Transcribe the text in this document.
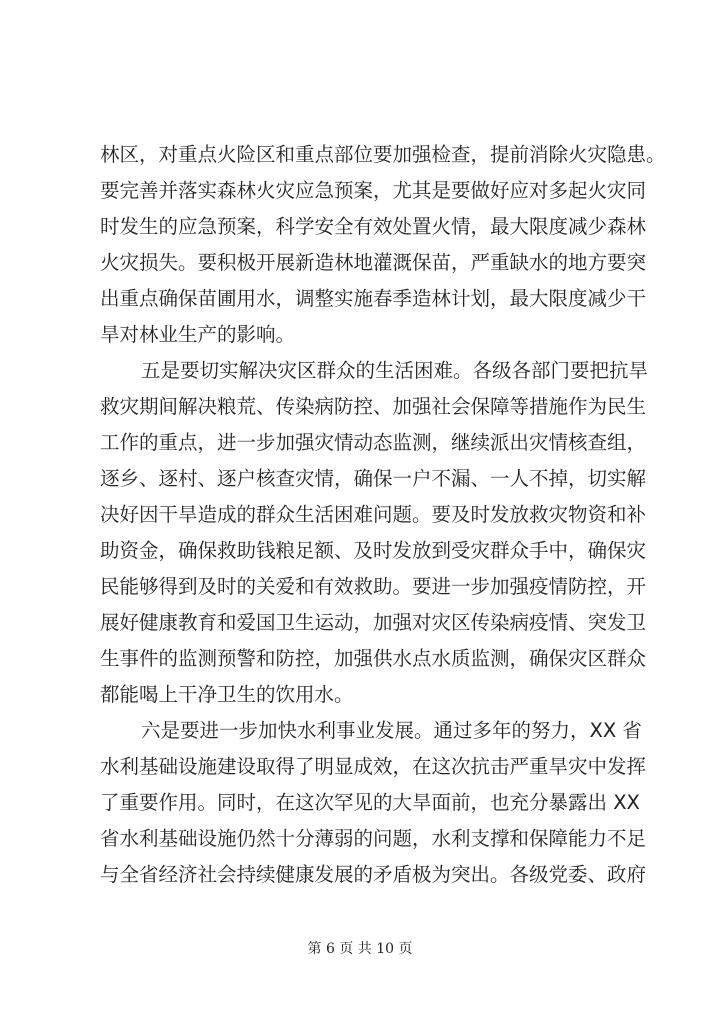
林区，对重点火险区和重点部位要加强检查，提前消除火灾隐患。
要完善并落实森林火灾应急预案，尤其是要做好应对多起火灾同
时发生的应急预案，科学安全有效处置火情，最大限度减少森林
火灾损失。要积极开展新造林地灌溉保苗，严重缺水的地方要突
出重点确保苗圃用水，调整实施春季造林计划，最大限度减少干
旱对林业生产的影响。
五是要切实解决灾区群众的生活困难。各级各部门要把抗旱
救灾期间解决粮荒、传染病防控、加强社会保障等措施作为民生
工作的重点，进一步加强灾情动态监测，继续派出灾情核查组，
逐乡、逐村、逐户核查灾情，确保一户不漏、一人不掉，切实解
决好因干旱造成的群众生活困难问题。要及时发放救灾物资和补
助资金，确保救助钱粮足额、及时发放到受灾群众手中，确保灾
民能够得到及时的关爱和有效救助。要进一步加强疫情防控，开
展好健康教育和爱国卫生运动，加强对灾区传染病疫情、突发卫
生事件的监测预警和防控，加强供水点水质监测，确保灾区群众
都能喝上干净卫生的饮用水。
六是要进一步加快水利事业发展。通过多年的努力，XX 省
水利基础设施建设取得了明显成效，在这次抗击严重旱灾中发挥
了重要作用。同时，在这次罕见的大旱面前，也充分暴露出 XX
省水利基础设施仍然十分薄弱的问题，水利支撑和保障能力不足
与全省经济社会持续健康发展的矛盾极为突出。各级党委、政府
第 6 页 共 10 页
